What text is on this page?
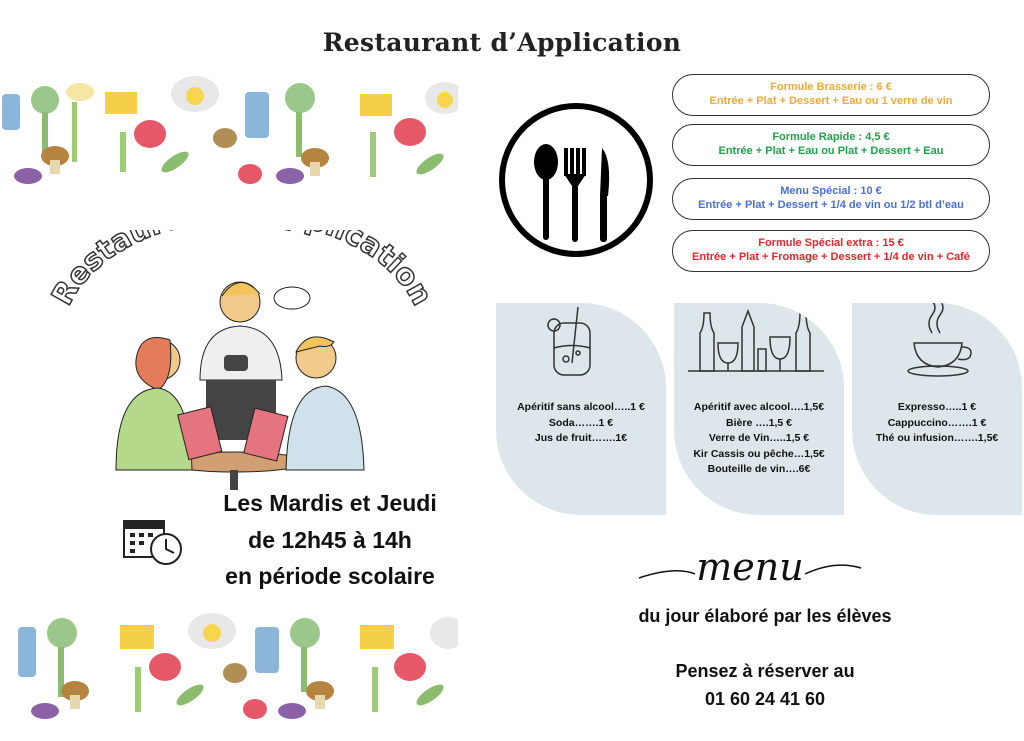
Restaurant d’Application
Restau cation
Les Mardis et Jeudi
de 12h45 à 14h
en période scolaire
Formule Brasserie : 6 €
Entrée + Plat + Dessert + Eau ou 1 verre de vin
Formule Rapide : 4,5 €
Entrée + Plat + Eau ou Plat + Dessert + Eau
Menu Spécial : 10 €
Entrée + Plat + Dessert + 1/4 de vin ou 1/2 btl d’eau
Formule Spécial extra : 15 €
Entrée + Plat + Fromage + Dessert + 1/4 de vin + Café
Apéritif sans alcool…..1 €
Soda…….1 €
Jus de fruit…….1€
Apéritif avec alcool….1,5€
Bière ….1,5 €
Verre de Vin…..1,5 €
Kir Cassis ou pêche…1,5€
Bouteille de vin….6€
Expresso…..1 €
Cappuccino…….1 €
Thé ou infusion…….1,5€
menu
du jour élaboré par les élèves
Pensez à réserver au
01 60 24 41 60
